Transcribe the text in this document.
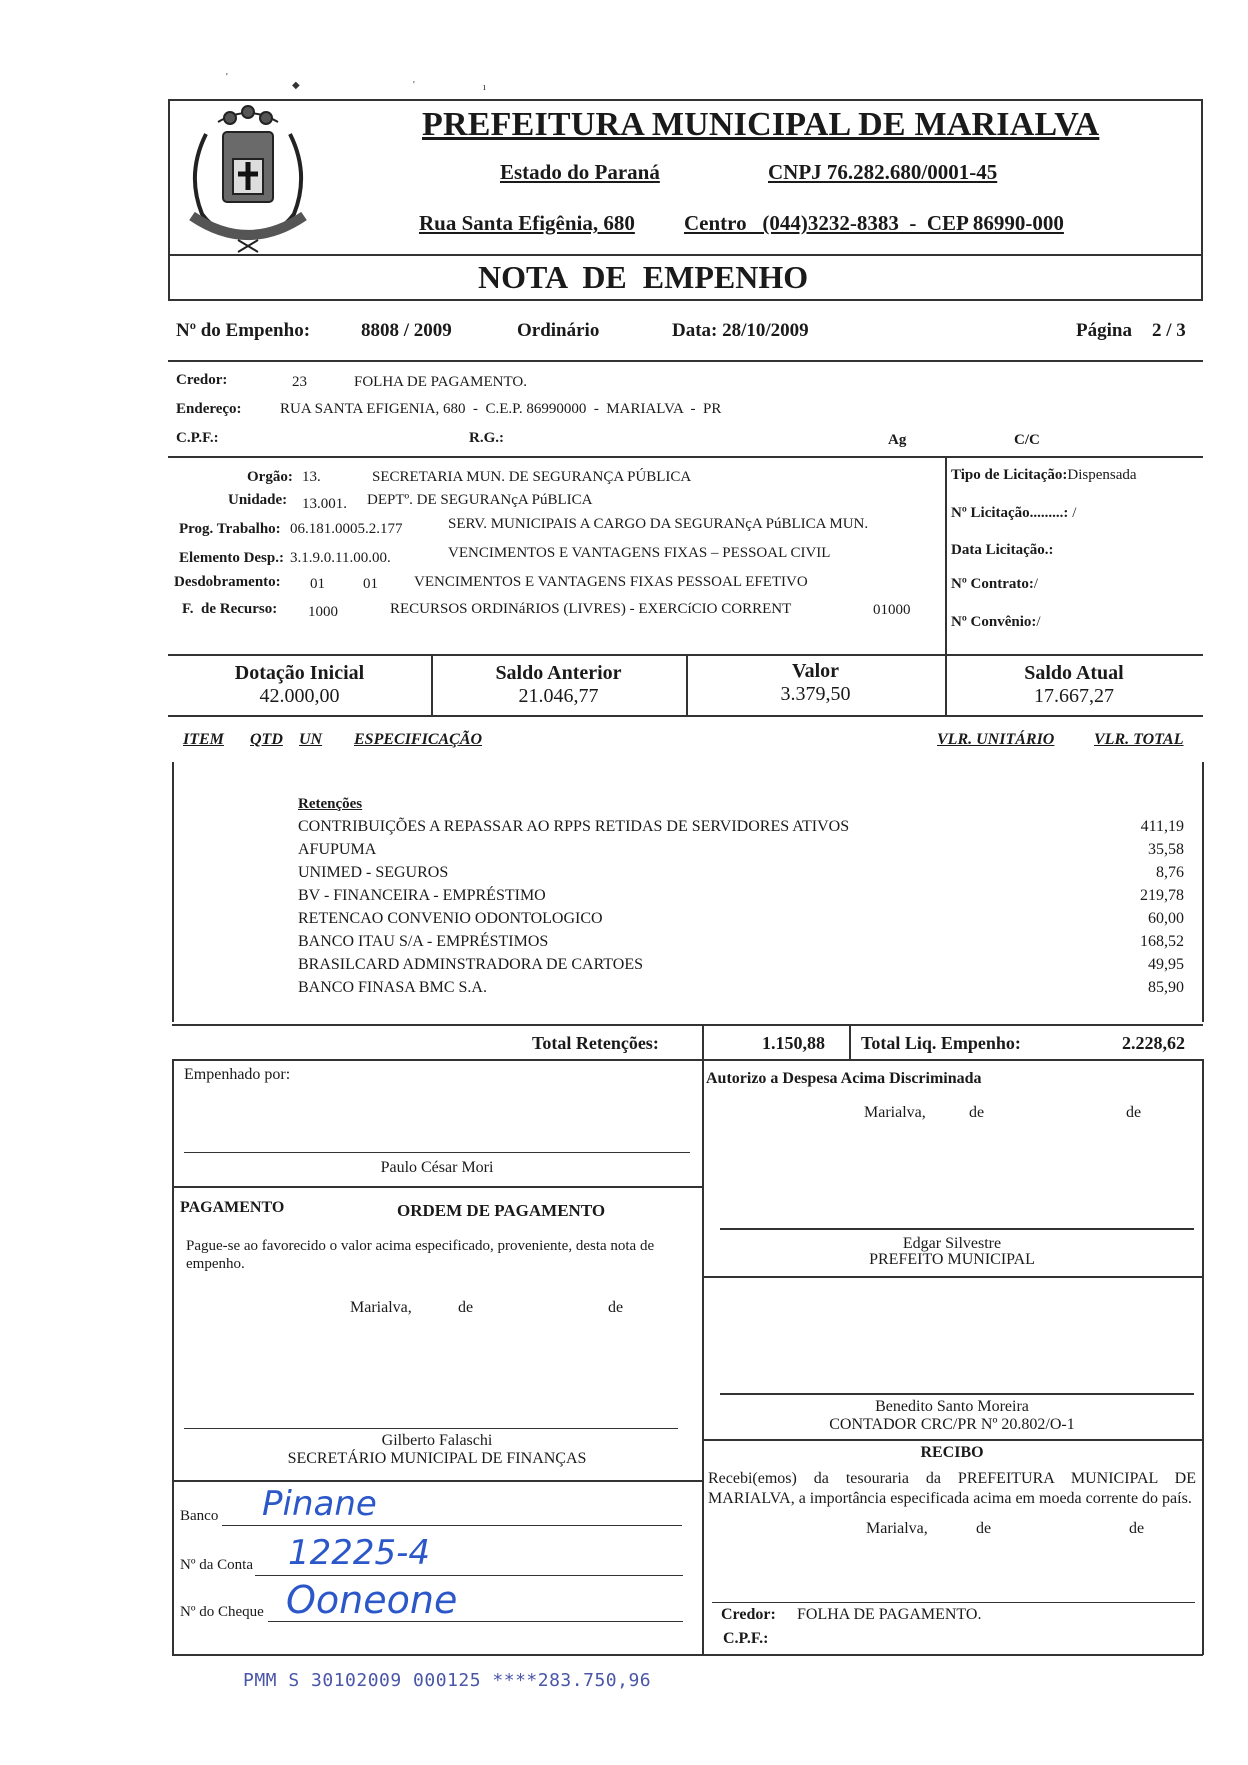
'
◆	'	ı
PREFEITURA MUNICIPAL DE MARIALVA
Estado do Paraná	CNPJ 76.282.680/0001-45
Rua Santa Efigênia, 680 Centro   (044)3232-8383  -  CEP 86990-000
NOTA  DE  EMPENHO
Nº do Empenho:	8808 / 2009	Ordinário	Data: 28/10/2009	Página 2 / 3
Credor:	23	FOLHA DE PAGAMENTO.
Endereço:	RUA SANTA EFIGENIA, 680  -  C.E.P. 86990000  -  MARIALVA  -  PR
C.P.F.:	R.G.:	Ag	C/C
Orgão: 13.	SECRETARIA MUN. DE SEGURANÇA PÚBLICA
Unidade: 13.001. DEPTº. DE SEGURANçA PúBLICA
Prog. Trabalho: 06.181.0005.2.177	SERV. MUNICIPAIS A CARGO DA SEGURANçA PúBLICA MUN.
Elemento Desp.: 3.1.9.0.11.00.00.	VENCIMENTOS E VANTAGENS FIXAS – PESSOAL CIVIL
Desdobramento: 01	01 VENCIMENTOS E VANTAGENS FIXAS PESSOAL EFETIVO
F.  de Recurso: 1000	RECURSOS ORDINáRIOS (LIVRES) - EXERCíCIO CORRENT	01000
Tipo de Licitação:Dispensada
Nº Licitação.........: /
Data Licitação.:
Nº Contrato:/
Nº Convênio:/
Dotação Inicial
42.000,00
Saldo Anterior
21.046,77
Valor
3.379,50
Saldo Atual
17.667,27
ITEM QTD UN ESPECIFICAÇÃO	VLR. UNITÁRIO VLR. TOTAL
Retenções
CONTRIBUIÇÕES A REPASSAR AO RPPS RETIDAS DE SERVIDORES ATIVOS	411,19
AFUPUMA	35,58
UNIMED - SEGUROS	8,76
BV - FINANCEIRA - EMPRÉSTIMO	219,78
RETENCAO CONVENIO ODONTOLOGICO	60,00
BANCO ITAU S/A - EMPRÉSTIMOS	168,52
BRASILCARD ADMINSTRADORA DE CARTOES	49,95
BANCO FINASA BMC S.A.	85,90
Total Retenções:	1.150,88 Total Liq. Empenho:	2.228,62
Empenhado por:
Paulo César Mori
Autorizo a Despesa Acima Discriminada
Marialva,	de	de
Edgar Silvestre
PREFEITO MUNICIPAL
Benedito Santo Moreira
CONTADOR CRC/PR Nº 20.802/O-1
RECIBO
Recebi(emos) da tesouraria da PREFEITURA MUNICIPAL DE MARIALVA, a importância especificada acima em moeda corrente do país.
Marialva,	de	de
Credor: FOLHA DE PAGAMENTO.
C.P.F.:
PAGAMENTO	ORDEM DE PAGAMENTO
Pague-se ao favorecido o valor acima especificado, proveniente, desta nota de empenho.
Marialva,	de	de
Gilberto Falaschi
SECRETÁRIO MUNICIPAL DE FINANÇAS
Banco Pinane
Nº da Conta 12225-4
Nº do Cheque Ooneone
PMM S 30102009 000125 ****283.750,96
